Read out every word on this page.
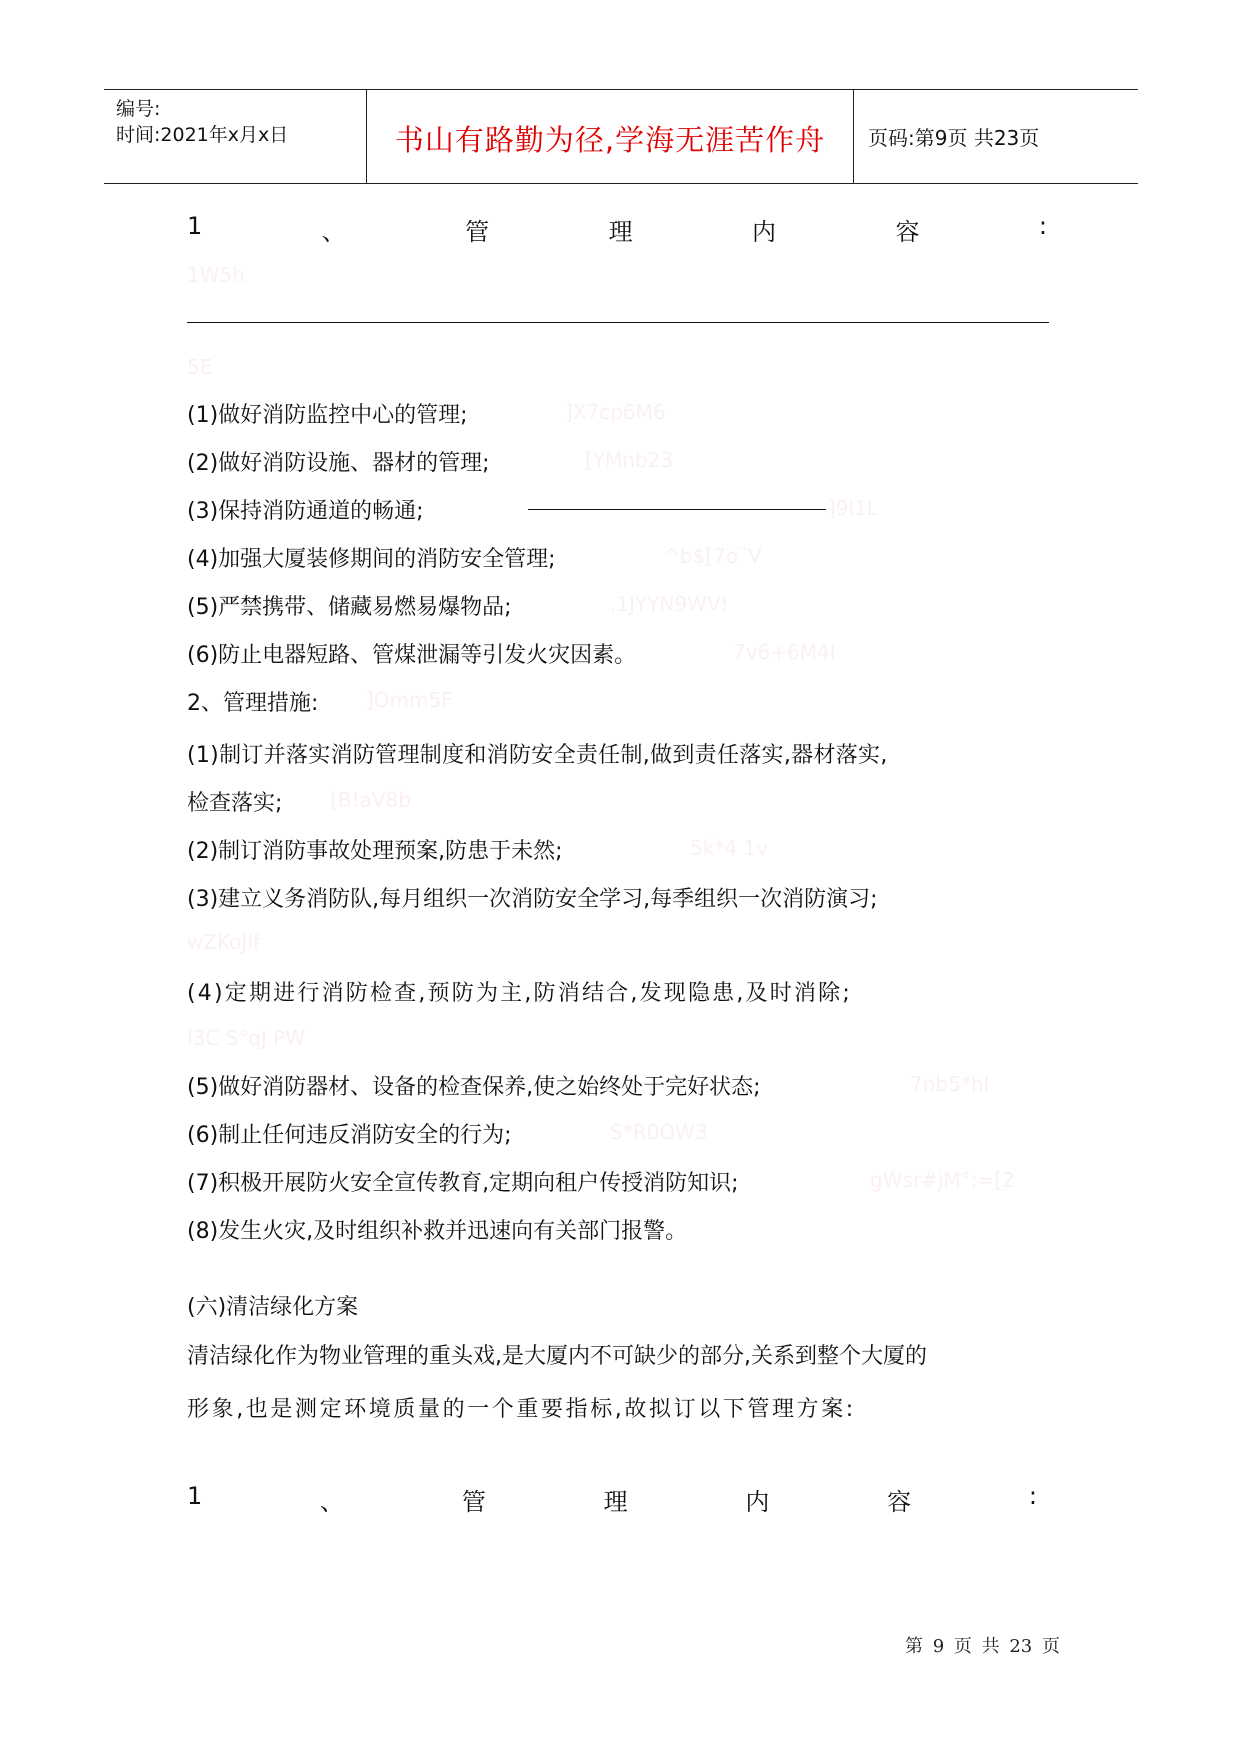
编号:
时间:2021年x月x日	书山有路勤为径,学海无涯苦作舟	页码:第9页 共23页
1	、	管	理	内	容	:
1W5h
5E
(1)做好消防监控中心的管理;	]X7cp6M6
(2)做好消防设施、器材的管理;	[YMnb23
(3)保持消防通道的畅通;	]9l1L
(4)加强大厦装修期间的消防安全管理;	^b$[7o¨V
(5)严禁携带、储藏易燃易爆物品;	.1JYYN9WV!
(6)防止电器短路、管煤泄漏等引发火灾因素。	7v6+6M4I
2、管理措施: ]Omm5F
(1)制订并落实消防管理制度和消防安全责任制,做到责任落实,器材落实,
检查落实; [B!aV8b
(2)制订消防事故处理预案,防患于未然;	5k*4 1v
(3)建立义务消防队,每月组织一次消防安全学习,每季组织一次消防演习;
wZKoJlf
(4)定期进行消防检查,预防为主,防消结合,发现隐患,及时消除;
l3C S°qJ PW
(5)做好消防器材、设备的检查保养,使之始终处于完好状态;	7nb5*hI
(6)制止任何违反消防安全的行为;	S*R0OW3
(7)积极开展防火安全宣传教育,定期向租户传授消防知识;	gWsr#jM°;=[2
(8)发生火灾,及时组织补救并迅速向有关部门报警。
(六)清洁绿化方案
清洁绿化作为物业管理的重头戏,是大厦内不可缺少的部分,关系到整个大厦的
形象,也是测定环境质量的一个重要指标,故拟订以下管理方案:
1	、	管	理	内	容	:
第 9 页 共 23 页
